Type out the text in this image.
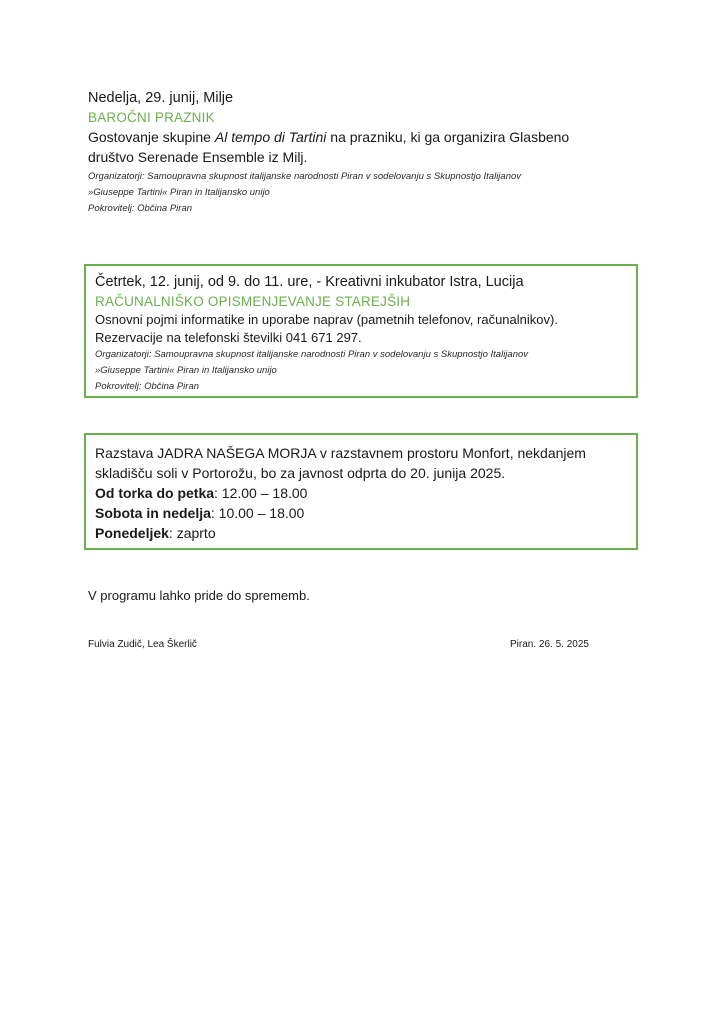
Nedelja, 29. junij, Milje
BAROČNI PRAZNIK
Gostovanje skupine Al tempo di Tartini na prazniku, ki ga organizira Glasbeno
društvo Serenade Ensemble iz Milj.
Organizatorji: Samoupravna skupnost italijanske narodnosti Piran v sodelovanju s Skupnostjo Italijanov
»Giuseppe Tartini« Piran in Italijansko unijo
Pokrovitelj: Občina Piran
Četrtek, 12. junij, od 9. do 11. ure, - Kreativni inkubator Istra, Lucija
RAČUNALNIŠKO OPISMENJEVANJE STAREJŠIH
Osnovni pojmi informatike in uporabe naprav (pametnih telefonov, računalnikov).
Rezervacije na telefonski številki 041 671 297.
Organizatorji: Samoupravna skupnost italijanske narodnosti Piran v sodelovanju s Skupnostjo Italijanov
»Giuseppe Tartini« Piran in Italijansko unijo
Pokrovitelj: Občina Piran
Razstava JADRA NAŠEGA MORJA v razstavnem prostoru Monfort, nekdanjem
skladišču soli v Portorožu, bo za javnost odprta do 20. junija 2025.
Od torka do petka: 12.00 – 18.00
Sobota in nedelja: 10.00 – 18.00
Ponedeljek: zaprto
V programu lahko pride do sprememb.
Fulvia Zudič, Lea Škerlič	Piran. 26. 5. 2025
